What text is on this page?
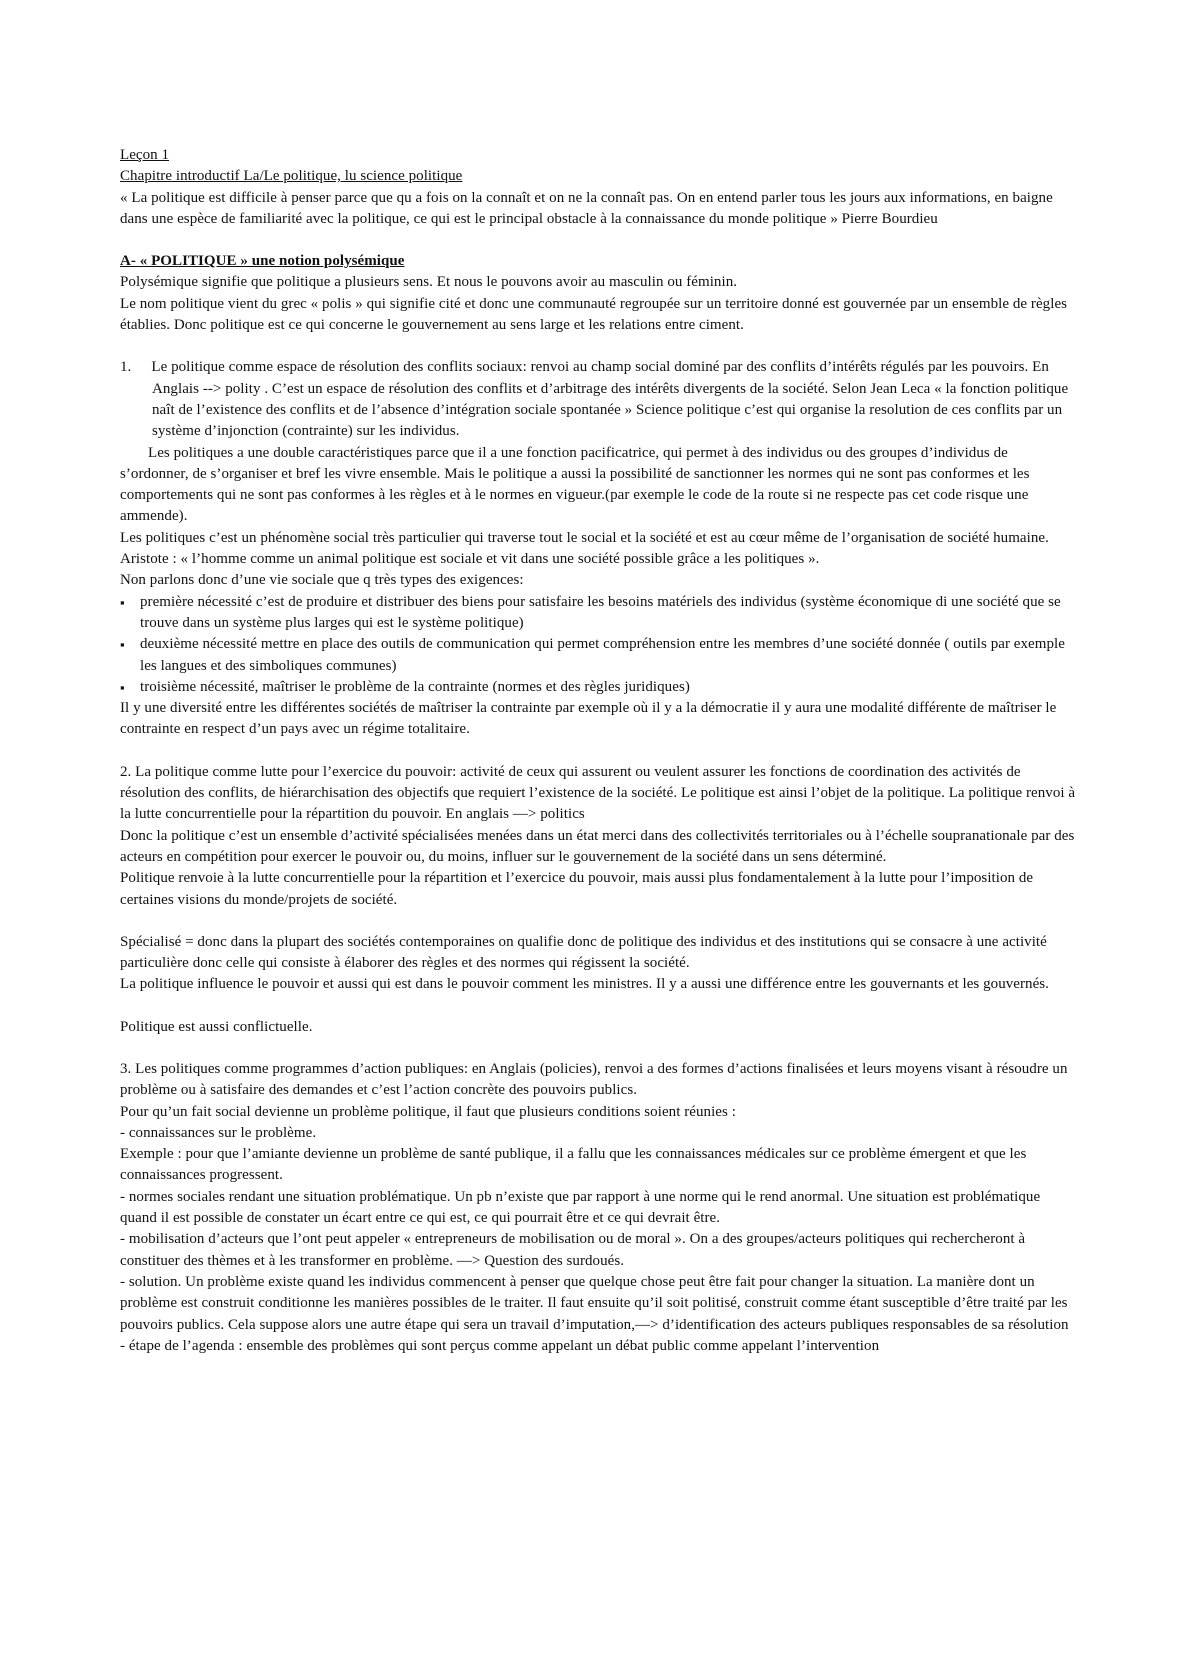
Leçon 1

Chapitre introductif La/Le politique, lu science politique

« La politique est difficile à penser parce que qu a fois on la connaît et on ne la connaît pas. On en entend parler tous les jours aux informations, en baigne dans une espèce de familiarité avec la politique, ce qui est le principal obstacle à la connaissance du monde politique » Pierre Bourdieu

A- « POLITIQUE » une notion polysémique

Polysémique signifie que politique a plusieurs sens. Et nous le pouvons avoir au masculin ou féminin.

Le nom politique vient du grec « polis » qui signifie cité et donc une communauté regroupée sur un territoire donné est gouvernée par un ensemble de règles établies. Donc politique est ce qui concerne le gouvernement au sens large et les relations entre ciment.

1. Le politique comme espace de résolution des conflits sociaux: renvoi au champ social dominé par des conflits d’intérêts régulés par les pouvoirs. En Anglais --> polity . C’est un espace de résolution des conflits et d’arbitrage des intérêts divergents de la société. Selon Jean Leca « la fonction politique naît de l’existence des conflits et de l’absence d’intégration sociale spontanée » Science politique c’est qui organise la resolution de ces conflits par un système d’injonction (contrainte) sur les individus.

Les politiques a une double caractéristiques parce que il a une fonction pacificatrice, qui permet à des individus ou des groupes d’individus de s’ordonner, de s’organiser et bref les vivre ensemble. Mais le politique a aussi la possibilité de sanctionner les normes qui ne sont pas conformes et les comportements qui ne sont pas conformes à les règles et à le normes en vigueur.(par exemple le code de la route si ne respecte pas cet code risque une ammende).

Les politiques c’est un phénomène social très particulier qui traverse tout le social et la société et est au cœur même de l’organisation de société humaine.

Aristote : « l’homme comme un animal politique est sociale et vit dans une société possible grâce a les politiques ».

Non parlons donc d’une vie sociale que q très types des exigences:

▪ première nécessité c’est de produire et distribuer des biens pour satisfaire les besoins matériels des individus (système économique di une société que se trouve dans un système plus larges qui est le système politique)
▪ deuxième nécessité mettre en place des outils de communication qui permet compréhension entre les membres d’une société donnée ( outils par exemple les langues et des simboliques communes)
▪ troisième nécessité, maîtriser le problème de la contrainte (normes et des règles juridiques)

Il y une diversité entre les différentes sociétés de maîtriser la contrainte par exemple où il y a la démocratie il y aura une modalité différente de maîtriser le contrainte en respect d’un pays avec un régime totalitaire.

2. La politique comme lutte pour l’exercice du pouvoir: activité de ceux qui assurent ou veulent assurer les fonctions de coordination des activités de résolution des conflits, de hiérarchisation des objectifs que requiert l’existence de la société. Le politique est ainsi l’objet de la politique. La politique renvoi à la lutte concurrentielle pour la répartition du pouvoir. En anglais —> politics

Donc la politique c’est un ensemble d’activité spécialisées menées dans un état merci dans des collectivités territoriales ou à l’échelle soupranationale par des acteurs en compétition pour exercer le pouvoir ou, du moins, influer sur le gouvernement de la société dans un sens déterminé.

Politique renvoie à la lutte concurrentielle pour la répartition et l’exercice du pouvoir, mais aussi plus fondamentalement à la lutte pour l’imposition de certaines visions du monde/projets de société.

Spécialisé = donc dans la plupart des sociétés contemporaines on qualifie donc de politique des individus et des institutions qui se consacre à une activité particulière donc celle qui consiste à élaborer des règles et des normes qui régissent la société.

La politique influence le pouvoir et aussi qui est dans le pouvoir comment les ministres. Il y a aussi une différence entre les gouvernants et les gouvernés.

Politique est aussi conflictuelle.

3. Les politiques comme programmes d’action publiques: en Anglais (policies), renvoi a des formes d’actions finalisées et leurs moyens visant à résoudre un problème ou à satisfaire des demandes et c’est l’action concrète des pouvoirs publics.

Pour qu’un fait social devienne un problème politique, il faut que plusieurs conditions soient réunies :

- connaissances sur le problème.

Exemple : pour que l’amiante devienne un problème de santé publique, il a fallu que les connaissances médicales sur ce problème émergent et que les connaissances progressent.

- normes sociales rendant une situation problématique. Un pb n’existe que par rapport à une norme qui le rend anormal. Une situation est problématique quand il est possible de constater un écart entre ce qui est, ce qui pourrait être et ce qui devrait être.

- mobilisation d’acteurs que l’ont peut appeler « entrepreneurs de mobilisation ou de moral ». On a des groupes/acteurs politiques qui rechercheront à constituer des thèmes et à les transformer en problème. —> Question des surdoués.

- solution. Un problème existe quand les individus commencent à penser que quelque chose peut être fait pour changer la situation. La manière dont un problème est construit conditionne les manières possibles de le traiter. Il faut ensuite qu’il soit politisé, construit comme étant susceptible d’être traité par les pouvoirs publics. Cela suppose alors une autre étape qui sera un travail d’imputation,—> d’identification des acteurs publiques responsables de sa résolution

- étape de l’agenda : ensemble des problèmes qui sont perçus comme appelant un débat public comme appelant l’intervention
